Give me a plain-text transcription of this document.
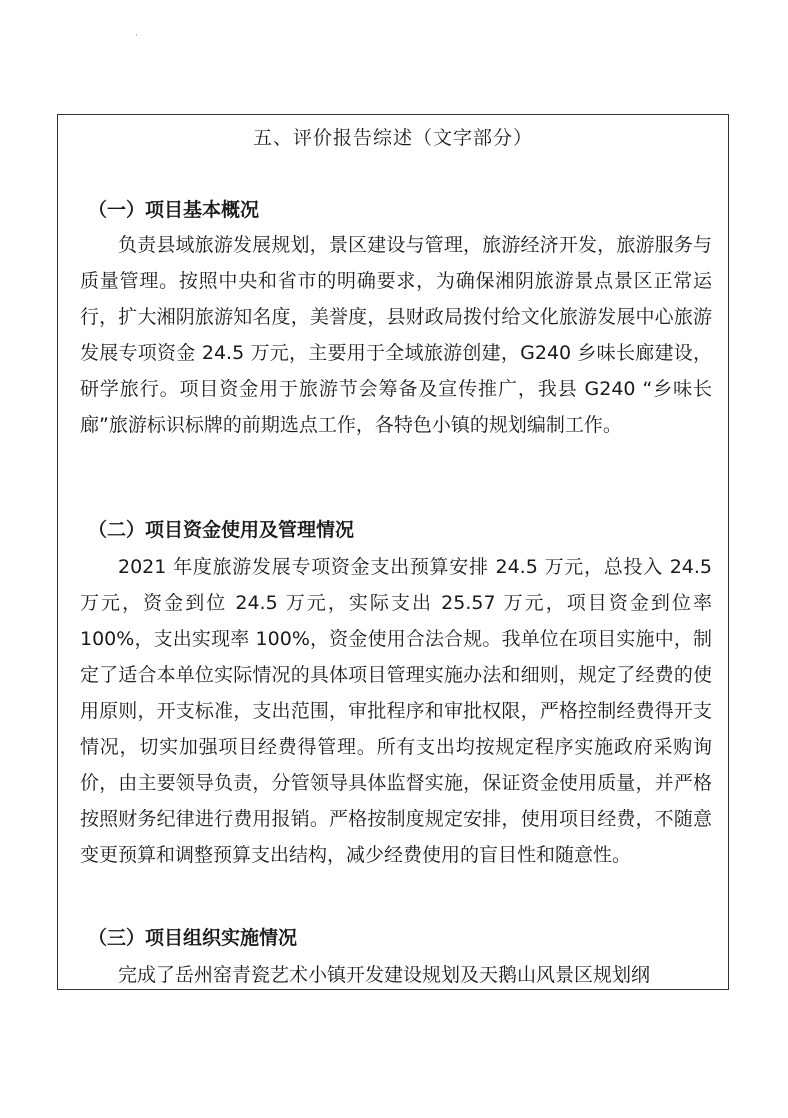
五、评价报告综述（文字部分）
（一）项目基本概况
负责县域旅游发展规划，景区建设与管理，旅游经济开发，旅游服务与质量管理。按照中央和省市的明确要求，为确保湘阴旅游景点景区正常运行，扩大湘阴旅游知名度，美誉度，县财政局拨付给文化旅游发展中心旅游发展专项资金 24.5 万元，主要用于全域旅游创建，G240 乡味长廊建设，研学旅行。项目资金用于旅游节会筹备及宣传推广，我县 G240 “乡味长廊”旅游标识标牌的前期选点工作，各特色小镇的规划编制工作。
（二）项目资金使用及管理情况
2021 年度旅游发展专项资金支出预算安排 24.5 万元，总投入 24.5 万元，资金到位 24.5 万元，实际支出 25.57 万元，项目资金到位率 100%，支出实现率 100%，资金使用合法合规。我单位在项目实施中，制定了适合本单位实际情况的具体项目管理实施办法和细则，规定了经费的使用原则，开支标准，支出范围，审批程序和审批权限，严格控制经费得开支情况，切实加强项目经费得管理。所有支出均按规定程序实施政府采购询价，由主要领导负责，分管领导具体监督实施，保证资金使用质量，并严格按照财务纪律进行费用报销。严格按制度规定安排，使用项目经费，不随意变更预算和调整预算支出结构，减少经费使用的盲目性和随意性。
（三）项目组织实施情况
完成了岳州窑青瓷艺术小镇开发建设规划及天鹅山风景区规划纲
